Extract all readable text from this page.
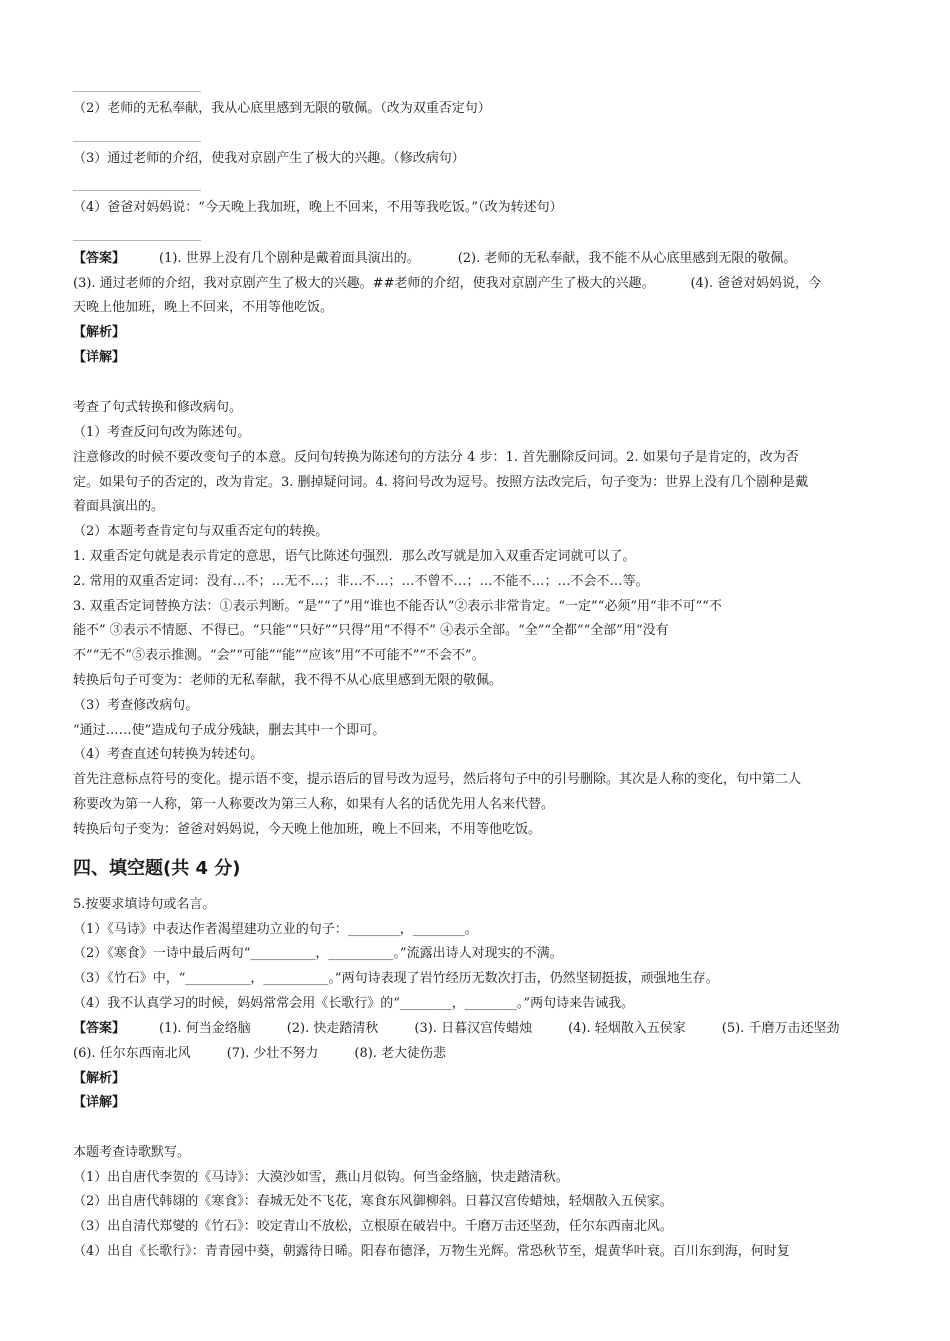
（2）老师的无私奉献，我从心底里感到无限的敬佩。（改为双重否定句）
（3）通过老师的介绍，使我对京剧产生了极大的兴趣。（修改病句）
（4）爸爸对妈妈说：“今天晚上我加班，晚上不回来，不用等我吃饭。”（改为转述句）
【答案】	(1). 世界上没有几个剧种是戴着面具演出的。	(2). 老师的无私奉献，我不能不从心底里感到无限的敬佩。
(3). 通过老师的介绍，我对京剧产生了极大的兴趣。##老师的介绍，使我对京剧产生了极大的兴趣。	(4). 爸爸对妈妈说，今
天晚上他加班，晚上不回来，不用等他吃饭。
【解析】
【详解】
考查了句式转换和修改病句。
（1）考查反问句改为陈述句。
注意修改的时候不要改变句子的本意。反问句转换为陈述句的方法分 4 步：1. 首先删除反问词。2. 如果句子是肯定的，改为否
定。如果句子的否定的，改为肯定。3. 删掉疑问词。4. 将问号改为逗号。按照方法改完后，句子变为：世界上没有几个剧种是戴
着面具演出的。
（2）本题考查肯定句与双重否定句的转换。
1. 双重否定句就是表示肯定的意思，语气比陈述句强烈．那么改写就是加入双重否定词就可以了。
2. 常用的双重否定词：没有…不；…无不…；非…不…；…不曾不…；…不能不…；…不会不…等。
3. 双重否定词替换方法：①表示判断。“是”“了”用“谁也不能否认”②表示非常肯定。“一定”“必须”用“非不可”“不
能不” ③表示不情愿、不得已。“只能”“只好”“只得”用“不得不” ④表示全部。“全”“全都”“全部”用“没有
不”“无不”⑤表示推测。“会”“可能”“能”“应该”用“不可能不”“不会不”。
转换后句子可变为：老师的无私奉献，我不得不从心底里感到无限的敬佩。
（3）考查修改病句。
“通过……使”造成句子成分残缺，删去其中一个即可。
（4）考查直述句转换为转述句。
首先注意标点符号的变化。提示语不变，提示语后的冒号改为逗号，然后将句子中的引号删除。其次是人称的变化，句中第二人
称要改为第一人称，第一人称要改为第三人称，如果有人名的话优先用人名来代替。
转换后句子变为：爸爸对妈妈说，今天晚上他加班，晚上不回来，不用等他吃饭。
四、填空题(共 4 分)
5.按要求填诗句或名言。
（1）《马诗》中表达作者渴望建功立业的句子：________，________。
（2）《寒食》一诗中最后两句“__________，__________。”流露出诗人对现实的不满。
（3）《竹石》中，“__________，__________。”两句诗表现了岩竹经历无数次打击，仍然坚韧挺拔，顽强地生存。
（4）我不认真学习的时候，妈妈常常会用《长歌行》的“________，________。”两句诗来告诫我。
【答案】	(1). 何当金络脑	(2). 快走踏清秋	(3). 日暮汉宫传蜡烛	(4). 轻烟散入五侯家	(5). 千磨万击还坚劲
(6). 任尔东西南北风	(7). 少壮不努力	(8). 老大徒伤悲
【解析】
【详解】
本题考查诗歌默写。
（1）出自唐代李贺的《马诗》：大漠沙如雪，燕山月似钩。何当金络脑，快走踏清秋。
（2）出自唐代韩翃的《寒食》：春城无处不飞花，寒食东风御柳斜。日暮汉宫传蜡烛，轻烟散入五侯家。
（3）出自清代郑燮的《竹石》：咬定青山不放松，立根原在破岩中。千磨万击还坚劲，任尔东西南北风。
（4）出自《长歌行》：青青园中葵，朝露待日晞。阳春布德泽，万物生光辉。常恐秋节至，焜黄华叶衰。百川东到海，何时复
